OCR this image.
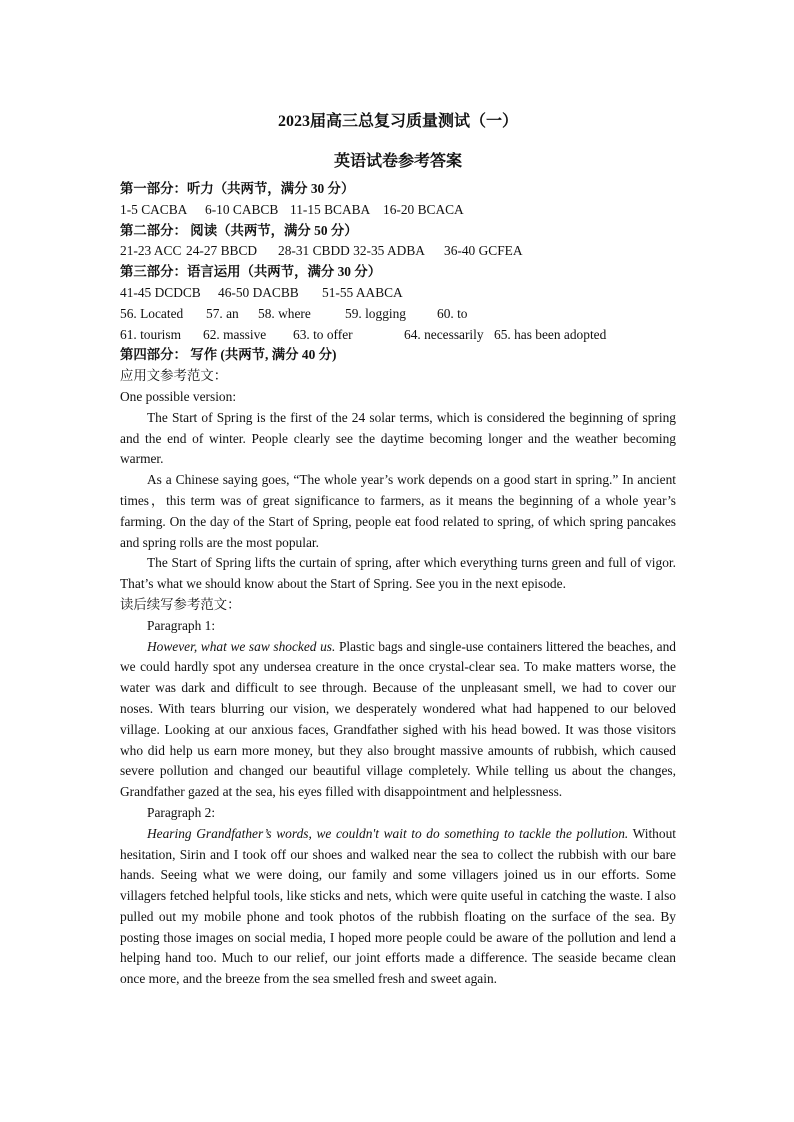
2023届高三总复习质量测试（一）
英语试卷参考答案
第一部分：听力（共两节，满分 30 分）
1-5 CACBA	6-10 CABCB 11-15 BCABA 16-20 BCACA
第二部分： 阅读（共两节，满分 50 分）
21-23 ACC 24-27 BBCD	28-31 CBDD 32-35 ADBA	36-40 GCFEA
第三部分：语言运用（共两节，满分 30 分）
41-45 DCDCB	46-50 DACBB	51-55 AABCA
56. Located	57. an	58. where	59. logging	60. to
61. tourism	62. massive	63. to offer	64. necessarily 65. has been adopted
第四部分： 写作 (共两节, 满分 40 分)
应用文参考范文：
One possible version:

The Start of Spring is the first of the 24 solar terms, which is considered the beginning of spring and the end of winter. People clearly see the daytime becoming longer and the weather becoming warmer.

As a Chinese saying goes, “The whole year’s work depends on a good start in spring.” In ancient times，this term was of great significance to farmers, as it means the beginning of a whole year’s farming. On the day of the Start of Spring, people eat food related to spring, of which spring pancakes and spring rolls are the most popular.

The Start of Spring lifts the curtain of spring, after which everything turns green and full of vigor. That’s what we should know about the Start of Spring. See you in the next episode.

读后续写参考范文：
Paragraph 1:

However, what we saw shocked us. Plastic bags and single-use containers littered the beaches, and we could hardly spot any undersea creature in the once crystal-clear sea. To make matters worse, the water was dark and difficult to see through. Because of the unpleasant smell, we had to cover our noses. With tears blurring our vision, we desperately wondered what had happened to our beloved village. Looking at our anxious faces, Grandfather sighed with his head bowed. It was those visitors who did help us earn more money, but they also brought massive amounts of rubbish, which caused severe pollution and changed our beautiful village completely. While telling us about the changes, Grandfather gazed at the sea, his eyes filled with disappointment and helplessness.

Paragraph 2:

Hearing Grandfather’s words, we couldn't wait to do something to tackle the pollution. Without hesitation, Sirin and I took off our shoes and walked near the sea to collect the rubbish with our bare hands. Seeing what we were doing, our family and some villagers joined us in our efforts. Some villagers fetched helpful tools, like sticks and nets, which were quite useful in catching the waste. I also pulled out my mobile phone and took photos of the rubbish floating on the surface of the sea. By posting those images on social media, I hoped more people could be aware of the pollution and lend a helping hand too. Much to our relief, our joint efforts made a difference. The seaside became clean once more, and the breeze from the sea smelled fresh and sweet again.
